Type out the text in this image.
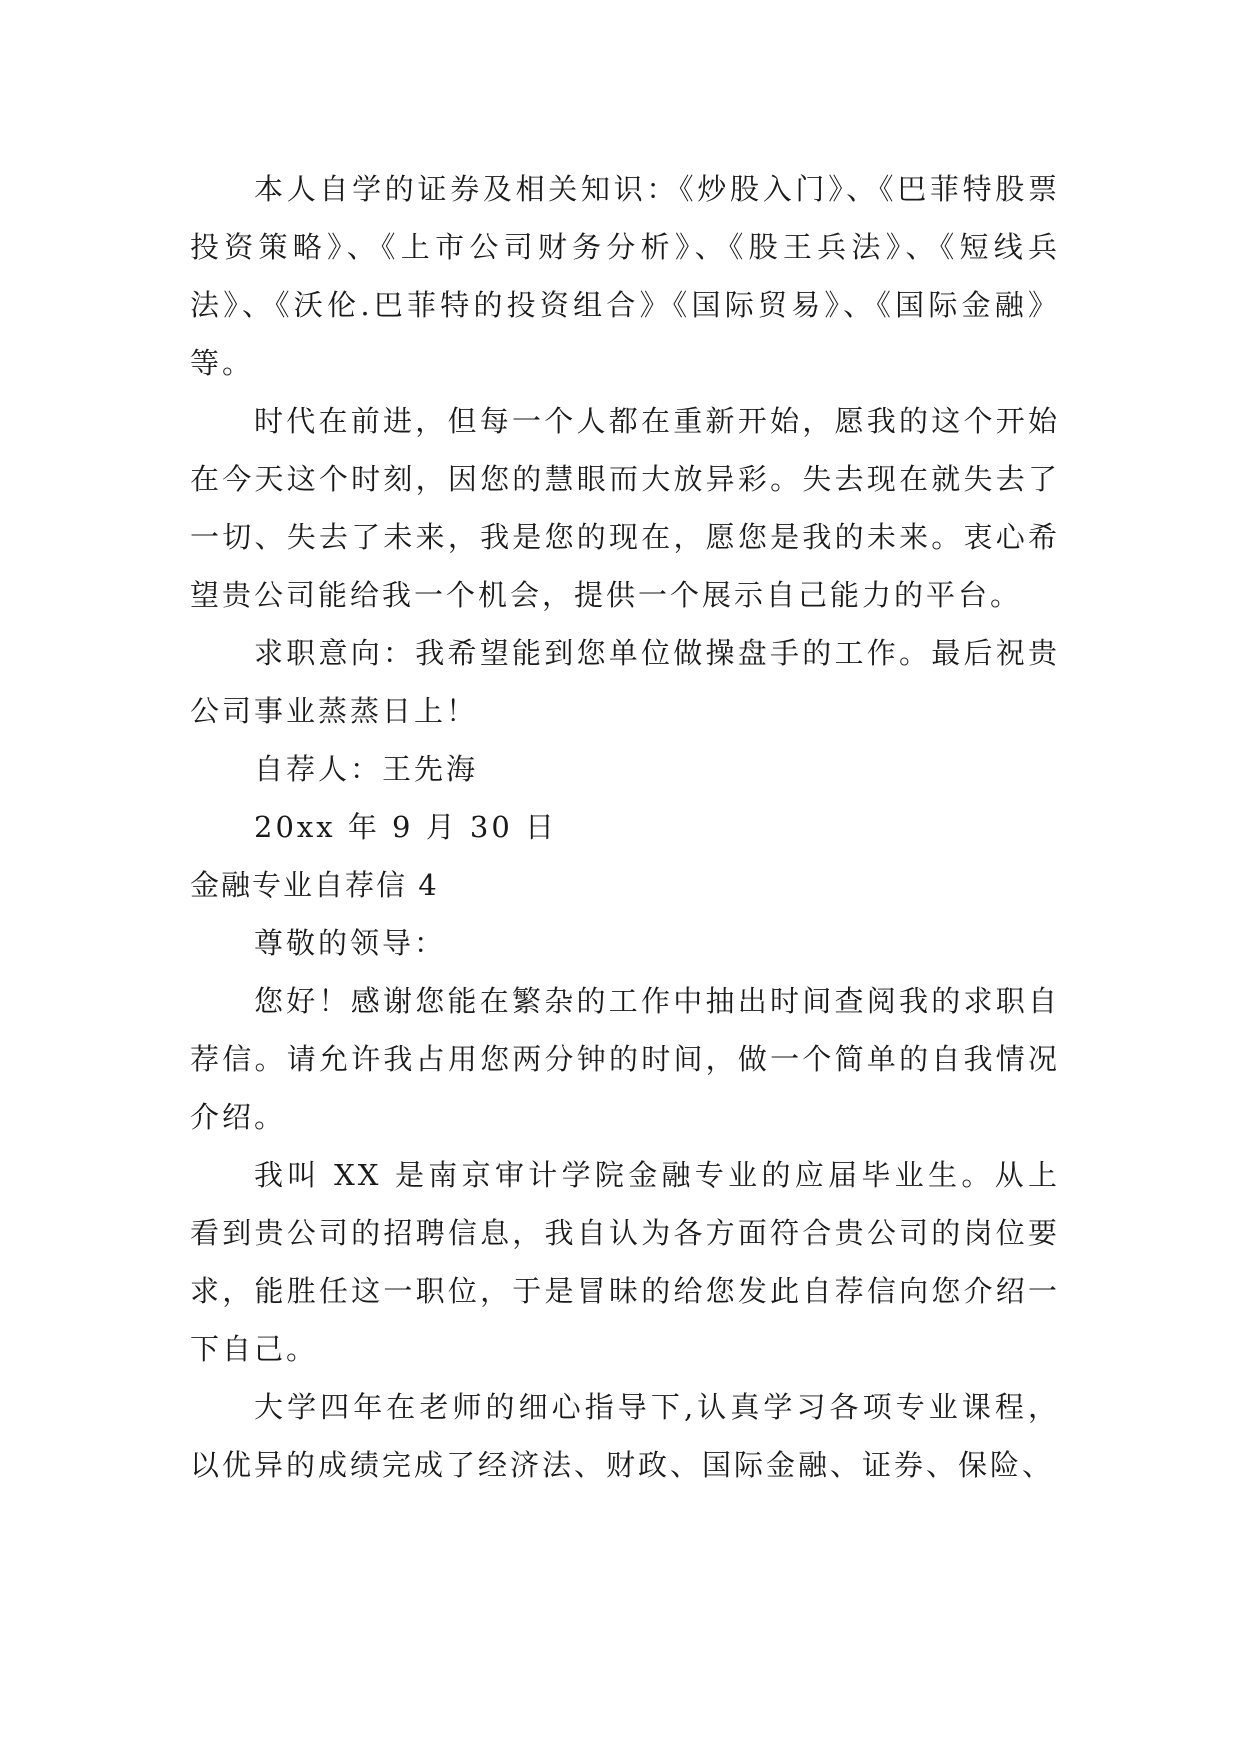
本人自学的证券及相关知识：《炒股入门》、《巴菲特股票投资策略》、《上市公司财务分析》、《股王兵法》、《短线兵法》、《沃伦.巴菲特的投资组合》《国际贸易》、《国际金融》等。

时代在前进，但每一个人都在重新开始，愿我的这个开始在今天这个时刻，因您的慧眼而大放异彩。失去现在就失去了一切、失去了未来，我是您的现在，愿您是我的未来。衷心希望贵公司能给我一个机会，提供一个展示自己能力的平台。

求职意向：我希望能到您单位做操盘手的工作。最后祝贵公司事业蒸蒸日上！

自荐人：王先海

20xx 年 9 月 30 日

金融专业自荐信 4

尊敬的领导：

您好！感谢您能在繁杂的工作中抽出时间查阅我的求职自荐信。请允许我占用您两分钟的时间，做一个简单的自我情况介绍。

我叫 XX 是南京审计学院金融专业的应届毕业生。从上看到贵公司的招聘信息，我自认为各方面符合贵公司的岗位要求，能胜任这一职位，于是冒昧的给您发此自荐信向您介绍一下自己。

大学四年在老师的细心指导下,认真学习各项专业课程，以优异的成绩完成了经济法、财政、国际金融、证券、保险、
